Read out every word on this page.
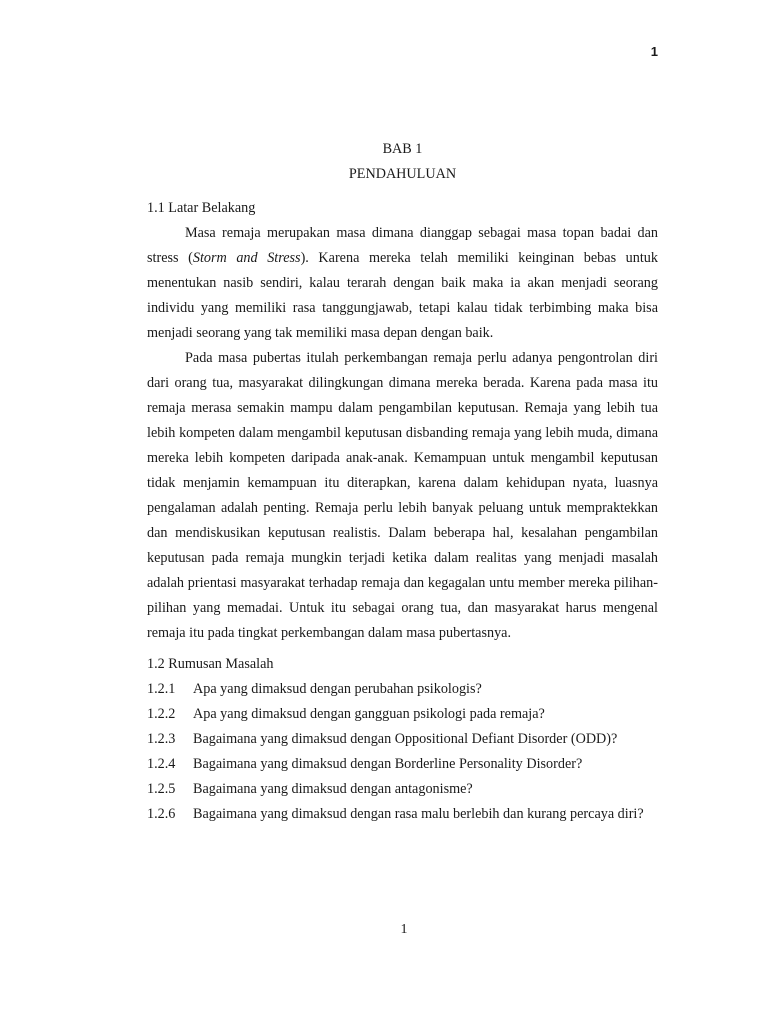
1

BAB 1

PENDAHULUAN

1.1 Latar Belakang

Masa remaja merupakan masa dimana dianggap sebagai masa topan badai dan stress (Storm and Stress). Karena mereka telah memiliki keinginan bebas untuk menentukan nasib sendiri, kalau terarah dengan baik maka ia akan menjadi seorang individu yang memiliki rasa tanggungjawab, tetapi kalau tidak terbimbing maka bisa menjadi seorang yang tak memiliki masa depan dengan baik.

Pada masa pubertas itulah perkembangan remaja perlu adanya pengontrolan diri dari orang tua, masyarakat dilingkungan dimana mereka berada. Karena pada masa itu remaja merasa semakin mampu dalam pengambilan keputusan. Remaja yang lebih tua lebih kompeten dalam mengambil keputusan disbanding remaja yang lebih muda, dimana mereka lebih kompeten daripada anak-anak. Kemampuan untuk mengambil keputusan tidak menjamin kemampuan itu diterapkan, karena dalam kehidupan nyata, luasnya pengalaman adalah penting. Remaja perlu lebih banyak peluang untuk mempraktekkan dan mendiskusikan keputusan realistis. Dalam beberapa hal, kesalahan pengambilan keputusan pada remaja mungkin terjadi ketika dalam realitas yang menjadi masalah adalah prientasi masyarakat terhadap remaja dan kegagalan untu member mereka pilihan-pilihan yang memadai. Untuk itu sebagai orang tua, dan masyarakat harus mengenal remaja itu pada tingkat perkembangan dalam masa pubertasnya.

1.2 Rumusan Masalah

1.2.1	Apa yang dimaksud dengan perubahan psikologis?
1.2.2	Apa yang dimaksud dengan gangguan psikologi pada remaja?
1.2.3	Bagaimana yang dimaksud dengan Oppositional Defiant Disorder (ODD)?
1.2.4	Bagaimana yang dimaksud dengan Borderline Personality Disorder?
1.2.5	Bagaimana yang dimaksud dengan antagonisme?
1.2.6	Bagaimana yang dimaksud dengan rasa malu berlebih dan kurang percaya diri?
1
